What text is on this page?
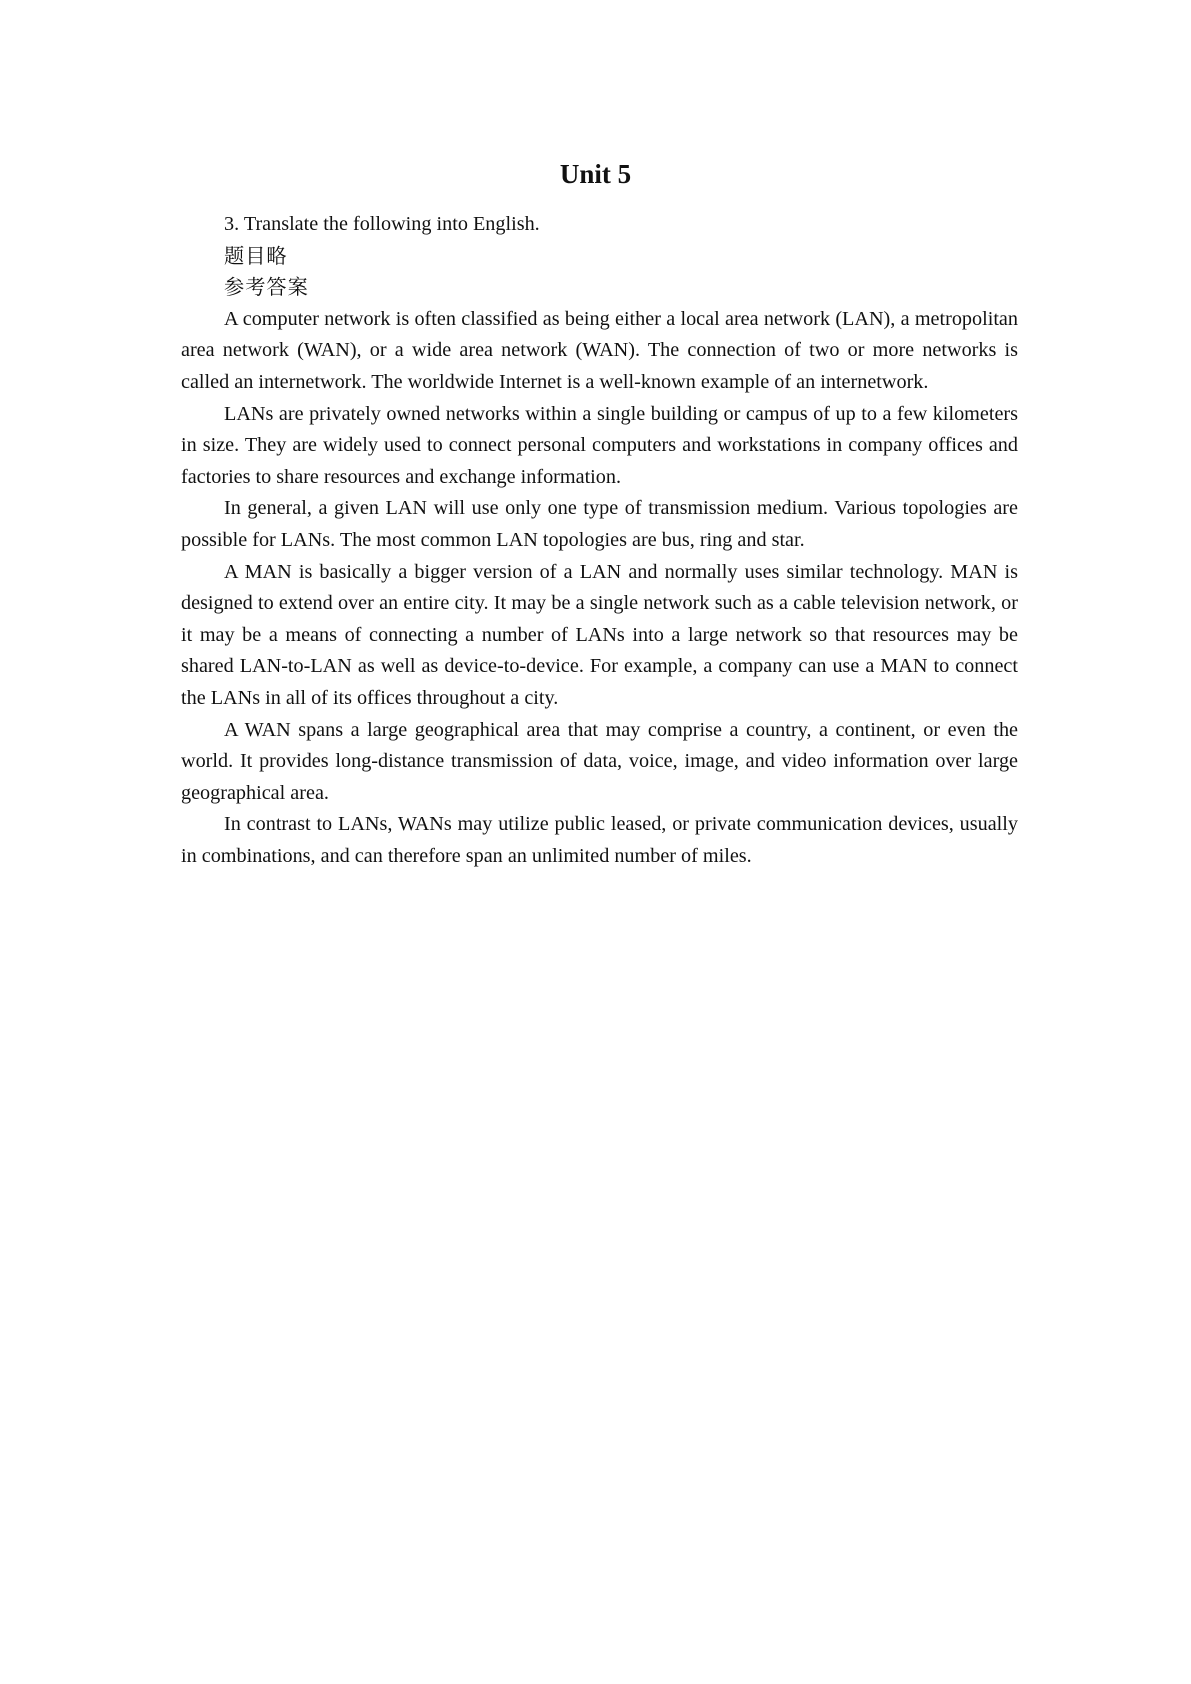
Unit 5

3. Translate the following into English.

题目略

参考答案

A computer network is often classified as being either a local area network (LAN), a metropolitan area network (WAN), or a wide area network (WAN). The connection of two or more networks is called an internetwork. The worldwide Internet is a well-known example of an internetwork.

LANs are privately owned networks within a single building or campus of up to a few kilometers in size. They are widely used to connect personal computers and workstations in company offices and factories to share resources and exchange information.

In general, a given LAN will use only one type of transmission medium. Various topologies are possible for LANs. The most common LAN topologies are bus, ring and star.

A MAN is basically a bigger version of a LAN and normally uses similar technology. MAN is designed to extend over an entire city. It may be a single network such as a cable television network, or it may be a means of connecting a number of LANs into a large network so that resources may be shared LAN-to-LAN as well as device-to-device. For example, a company can use a MAN to connect the LANs in all of its offices throughout a city.

A WAN spans a large geographical area that may comprise a country, a continent, or even the world. It provides long-distance transmission of data, voice, image, and video information over large geographical area.

In contrast to LANs, WANs may utilize public leased, or private communication devices, usually in combinations, and can therefore span an unlimited number of miles.
